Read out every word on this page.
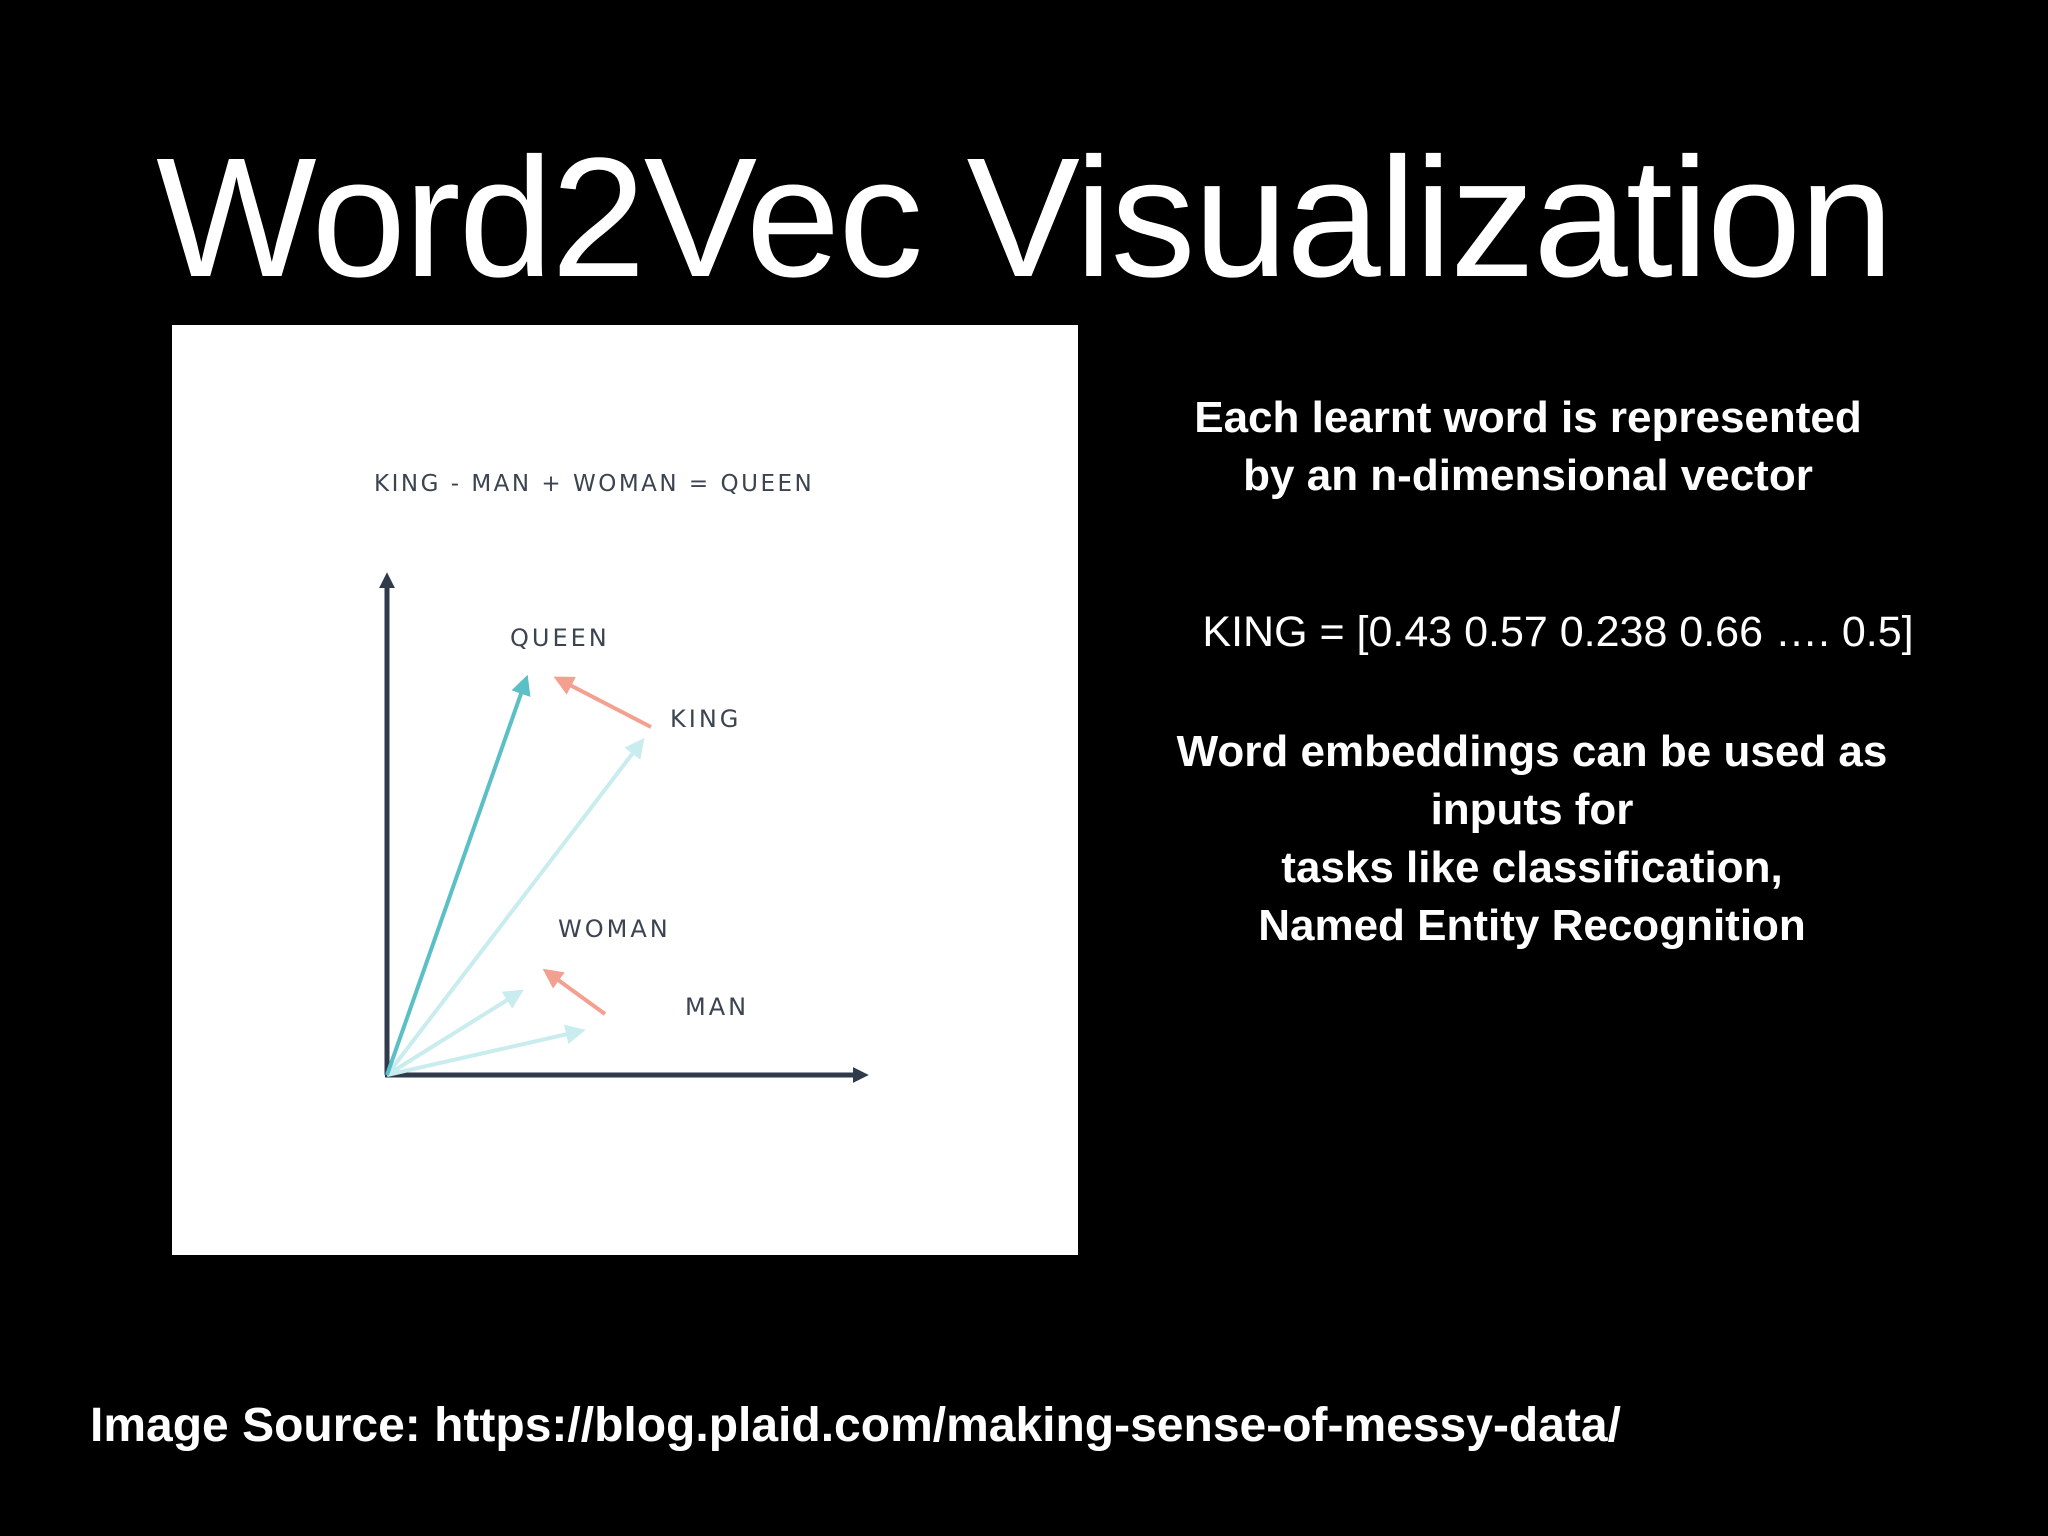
Word2Vec Visualization
KING - MAN + WOMAN = QUEEN
QUEEN
KING
WOMAN
MAN
Each learnt word is represented
by an n-dimensional vector
KING = [0.43 0.57 0.238 0.66 …. 0.5]
Word embeddings can be used as
inputs for
tasks like classification,
Named Entity Recognition
Image Source: https://blog.plaid.com/making-sense-of-messy-data/
